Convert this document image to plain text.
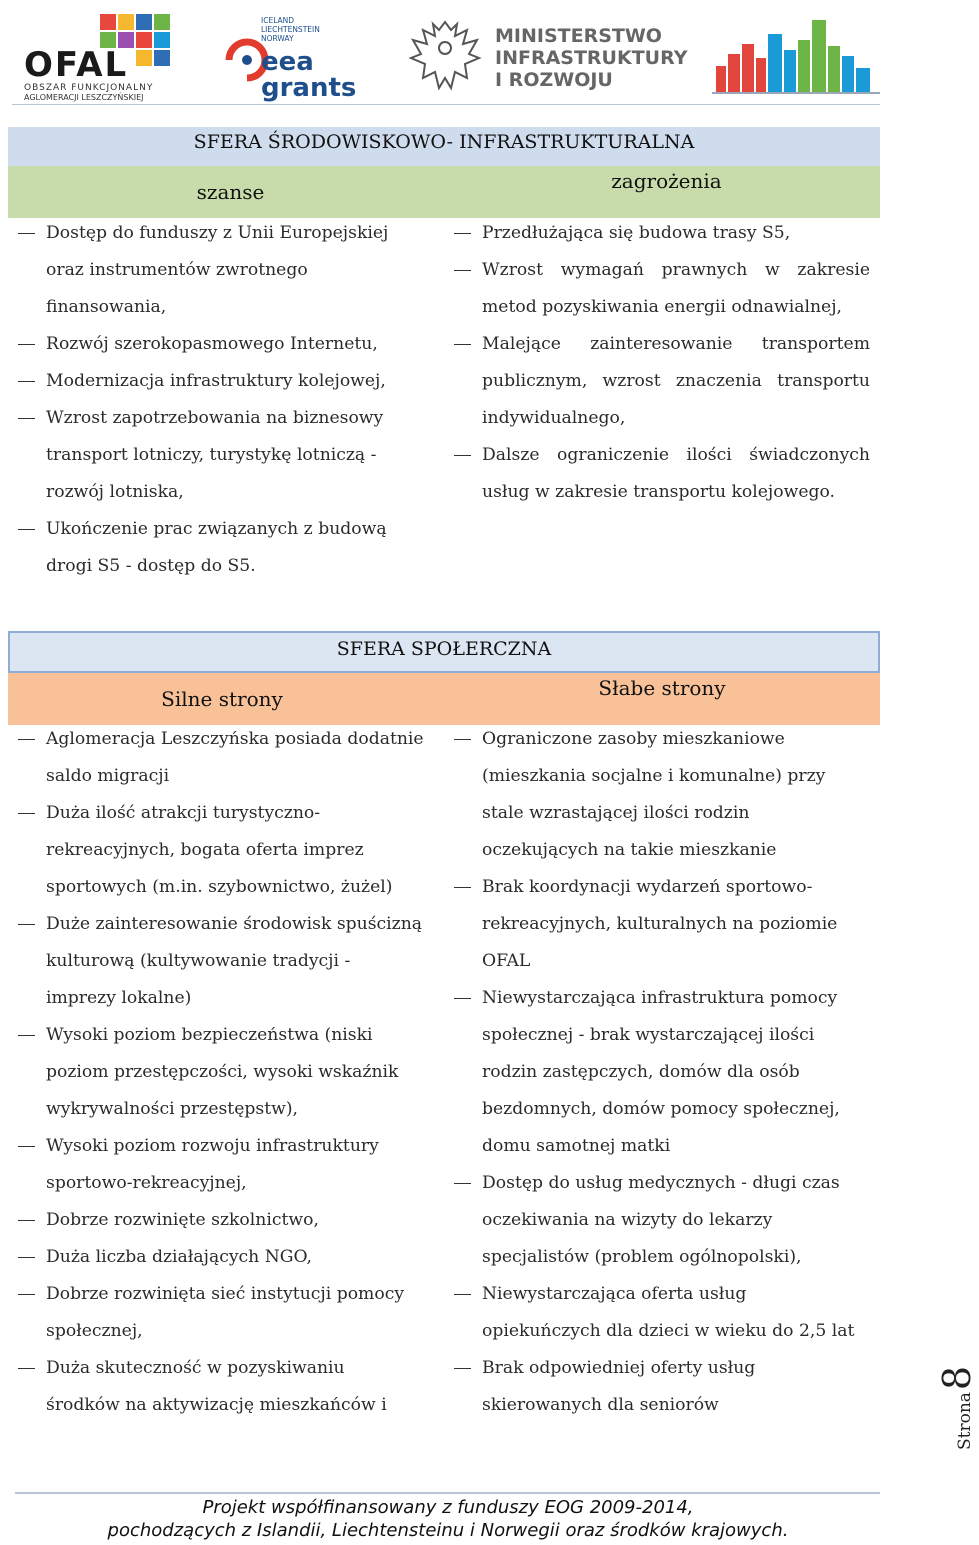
OFAL
OBSZAR FUNKCJONALNY
AGLOMERACJI LESZCZYŃSKIEJ
ICELAND
LIECHTENSTEIN
NORWAY
eea
grants
MINISTERSTWO
INFRASTRUKTURY
I ROZWOJU
SFERA ŚRODOWISKOWO- INFRASTRUKTURALNA
szanse	zagrożenia
Dostęp do funduszy z Unii Europejskiej
oraz instrumentów zwrotnego
finansowania,
Rozwój szerokopasmowego Internetu,
Modernizacja infrastruktury kolejowej,
Wzrost zapotrzebowania na biznesowy
transport lotniczy, turystykę lotniczą -
rozwój lotniska,
Ukończenie prac związanych z budową
drogi S5 - dostęp do S5.
Przedłużająca się budowa trasy S5,
Wzrost wymagań prawnych w zakresie
metod pozyskiwania energii odnawialnej,
Malejące zainteresowanie transportem
publicznym, wzrost znaczenia transportu
indywidualnego,
Dalsze ograniczenie ilości świadczonych
usług w zakresie transportu kolejowego.
SFERA SPOŁERCZNA
Silne strony	Słabe strony
Aglomeracja Leszczyńska posiada dodatnie
saldo migracji
Duża ilość atrakcji turystyczno-
rekreacyjnych, bogata oferta imprez
sportowych (m.in. szybownictwo, żużel)
Duże zainteresowanie środowisk spuścizną
kulturową (kultywowanie tradycji -
imprezy lokalne)
Wysoki poziom bezpieczeństwa (niski
poziom przestępczości, wysoki wskaźnik
wykrywalności przestępstw),
Wysoki poziom rozwoju infrastruktury
sportowo-rekreacyjnej,
Dobrze rozwinięte szkolnictwo,
Duża liczba działających NGO,
Dobrze rozwinięta sieć instytucji pomocy
społecznej,
Duża skuteczność w pozyskiwaniu
środków na aktywizację mieszkańców i
Ograniczone zasoby mieszkaniowe
(mieszkania socjalne i komunalne) przy
stale wzrastającej ilości rodzin
oczekujących na takie mieszkanie
Brak koordynacji wydarzeń sportowo-
rekreacyjnych, kulturalnych na poziomie
OFAL
Niewystarczająca infrastruktura pomocy
społecznej - brak wystarczającej ilości
rodzin zastępczych, domów dla osób
bezdomnych, domów pomocy społecznej,
domu samotnej matki
Dostęp do usług medycznych - długi czas
oczekiwania na wizyty do lekarzy
specjalistów (problem ogólnopolski),
Niewystarczająca oferta usług
opiekuńczych dla dzieci w wieku do 2,5 lat
Brak odpowiedniej oferty usług
skierowanych dla seniorów	Strona8
Projekt współfinansowany z funduszy EOG 2009-2014,
pochodzących z Islandii, Liechtensteinu i Norwegii oraz środków krajowych.
